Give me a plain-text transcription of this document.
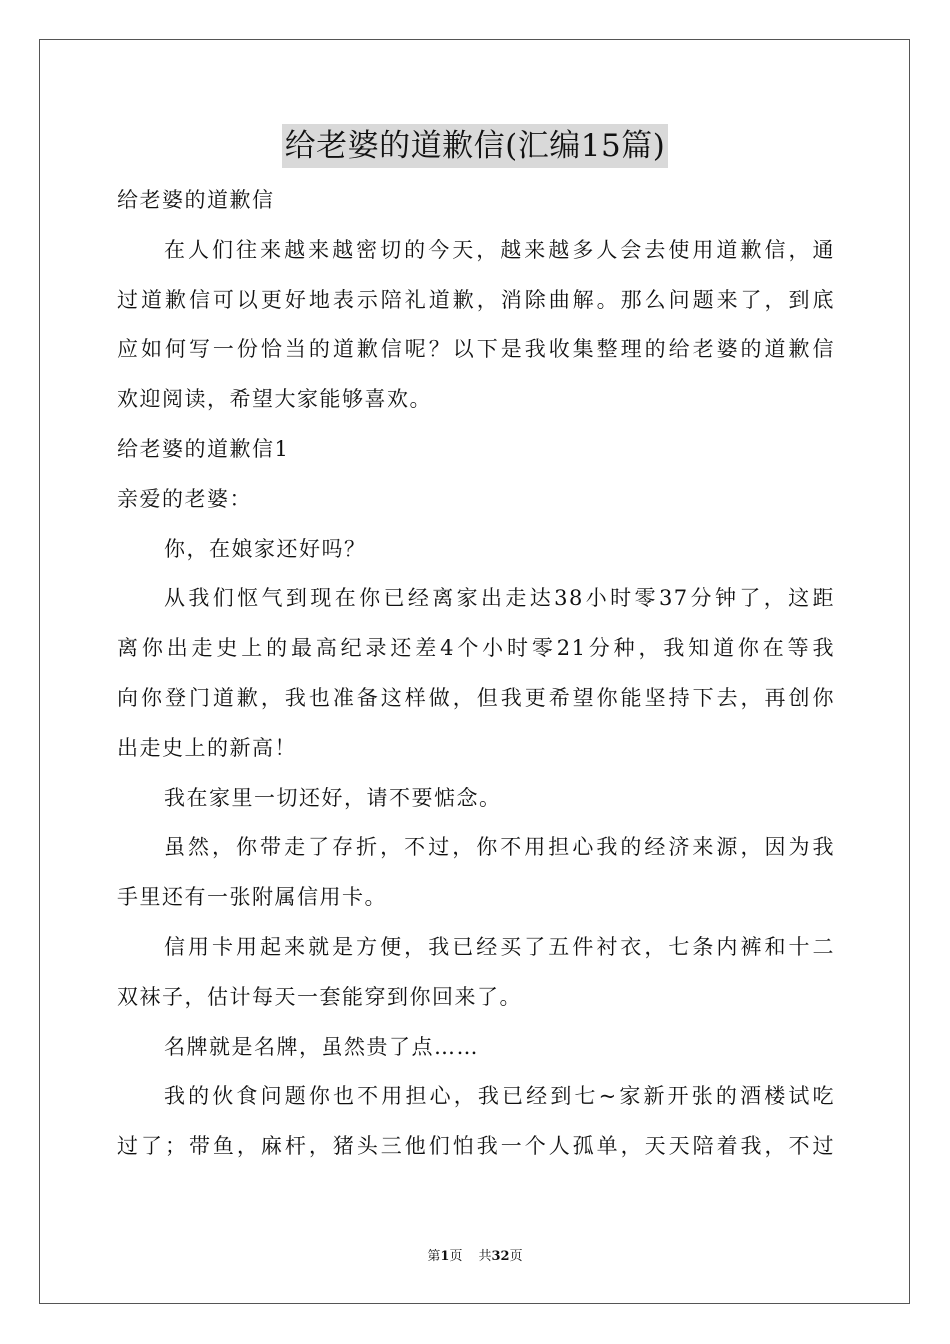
给老婆的道歉信(汇编15篇)
给老婆的道歉信
在人们往来越来越密切的今天，越来越多人会去使用道歉信，通
过道歉信可以更好地表示陪礼道歉，消除曲解。那么问题来了，到底
应如何写一份恰当的道歉信呢？以下是我收集整理的给老婆的道歉信
欢迎阅读，希望大家能够喜欢。
给老婆的道歉信1
亲爱的老婆：
你，在娘家还好吗？
从我们怄气到现在你已经离家出走达38小时零37分钟了，这距
离你出走史上的最高纪录还差4个小时零21分种，我知道你在等我
向你登门道歉，我也准备这样做，但我更希望你能坚持下去，再创你
出走史上的新高！
我在家里一切还好，请不要惦念。
虽然，你带走了存折，不过，你不用担心我的经济来源，因为我
手里还有一张附属信用卡。
信用卡用起来就是方便，我已经买了五件衬衣，七条内裤和十二
双袜子，估计每天一套能穿到你回来了。
名牌就是名牌，虽然贵了点……
我的伙食问题你也不用担心，我已经到七~家新开张的酒楼试吃
过了；带鱼，麻杆，猪头三他们怕我一个人孤单，天天陪着我，不过
第1页 共32页
